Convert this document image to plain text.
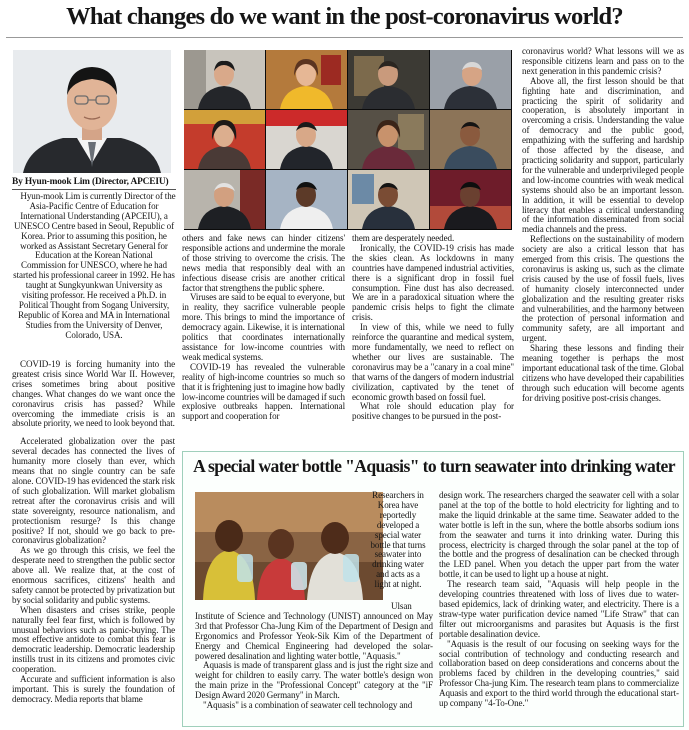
What changes do we want in the post-coronavirus world?
By Hyun-mook Lim (Director, APCEIU)
Hyun-mook Lim is currently Director of the Asia-Pacific Centre of Education for International Understanding (APCEIU), a UNESCO Centre based in Seoul, Republic of Korea. Prior to assuming this position, he worked as Assistant Secretary General for Education at the Korean National Commission for UNESCO, where he had started his professional career in 1992. He has taught at Sungkyunkwan University as visiting professor. He received a Ph.D. in Political Thought from Sogang University, Republic of Korea and MA in International Studies from the University of Denver, Colorado, USA.

COVID-19 is forcing humanity into the greatest crisis since World War II. However, crises sometimes bring about positive changes. What changes do we want once the coronavirus crisis has passed? While overcoming the immediate crisis is an absolute priority, we need to look beyond that.

Accelerated globalization over the past several decades has connected the lives of humanity more closely than ever, which means that no single country can be safe alone. COVID-19 has evidenced the stark risk of such globalization. Will market globalism retreat after the coronavirus crisis and will state sovereignty, resource nationalism, and protectionism resurge? Is this change positive? If not, should we go back to pre-coronavirus globalization?

As we go through this crisis, we feel the desperate need to strengthen the public sector above all. We realize that, at the cost of enormous sacrifices, citizens' health and safety cannot be protected by privatization but by social solidarity and public systems.

When disasters and crises strike, people naturally feel fear first, which is followed by unusual behaviors such as panic-buying. The most effective antidote to combat this fear is democratic leadership. Democratic leadership instills trust in its citizens and promotes civic cooperation.

Accurate and sufficient information is also important. This is surely the foundation of democracy. Media reports that blame

others and fake news can hinder citizens' responsible actions and undermine the morale of those striving to overcome the crisis. The news media that responsibly deal with an infectious disease crisis are another critical factor that strengthens the public sphere.

Viruses are said to be equal to everyone, but in reality, they sacrifice vulnerable people more. This brings to mind the importance of democracy again. Likewise, it is international politics that coordinates internationally assistance for low-income countries with weak medical systems.

COVID-19 has revealed the vulnerable reality of high-income countries so much so that it is frightening just to imagine how badly low-income countries will be damaged if such explosive outbreaks happen. International support and cooperation for

them are desperately needed.

Ironically, the COVID-19 crisis has made the skies clean. As lockdowns in many countries have dampened industrial activities, there is a significant drop in fossil fuel consumption. Fine dust has also decreased. We are in a paradoxical situation where the pandemic crisis helps to fight the climate crisis.

In view of this, while we need to fully reinforce the quarantine and medical system, more fundamentally, we need to reflect on whether our lives are sustainable. The coronavirus may be a "canary in a coal mine" that warns of the dangers of modern industrial civilization, captivated by the tenet of economic growth based on fossil fuel.

What role should education play for positive changes to be pursued in the post-

coronavirus world? What lessons will we as responsible citizens learn and pass on to the next generation in this pandemic crisis?

Above all, the first lesson should be that fighting hate and discrimination, and practicing the spirit of solidarity and cooperation, is absolutely important in overcoming a crisis. Understanding the value of democracy and the public good, empathizing with the suffering and hardship of those affected by the disease, and practicing solidarity and support, particularly for the vulnerable and underprivileged people and low-income countries with weak medical systems should also be an important lesson. In addition, it will be essential to develop literacy that enables a critical understanding of the information disseminated from social media channels and the press.

Reflections on the sustainability of modern society are also a critical lesson that has emerged from this crisis. The questions the coronavirus is asking us, such as the climate crisis caused by the use of fossil fuels, lives of humanity closely interconnected under globalization and the resulting greater risks and vulnerabilities, and the harmony between the protection of personal information and community safety, are all important and urgent.

Sharing these lessons and finding their meaning together is perhaps the most important educational task of the time. Global citizens who have developed their capabilities through such education will become agents for driving positive post-crisis changes.

A special water bottle "Aquasis" to turn seawater into drinking water

Researchers in Korea have reportedly developed a special water bottle that turns seawater into drinking water and acts as a light at night.

Ulsan Institute of Science and Technology (UNIST) announced on May 3rd that Professor Cha-Jung Kim of the Department of Design and Ergonomics and Professor Yeok-Sik Kim of the Department of Energy and Chemical Engineering had developed the solar-powered desalination and lighting water bottle, "Aquasis."

Aquasis is made of transparent glass and is just the right size and weight for children to easily carry. The water bottle's design won the main prize in the "Professional Concept" category at the "iF Design Award 2020 Germany" in March.

"Aquasis" is a combination of seawater cell technology and

design work. The researchers charged the seawater cell with a solar panel at the top of the bottle to hold electricity for lighting and to make the liquid drinkable at the same time. Seawater added to the water bottle is left in the sun, where the bottle absorbs sodium ions from the seawater and turns it into drinking water. During this process, electricity is charged through the solar panel at the top of the bottle and the progress of desalination can be checked through the LED panel. When you detach the upper part from the water bottle, it can be used to light up a house at night.

The research team said, "Aquasis will help people in the developing countries threatened with loss of lives due to water-based epidemics, lack of drinking water, and electricity. There is a straw-type water purification device named "Life Straw" that can filter out microorganisms and parasites but Aquasis is the first portable desalination device.

"Aquasis is the result of our focusing on seeking ways for the social contribution of technology and conducting research and collaboration based on deep considerations and concerns about the problems faced by children in the developing countries," said Professor Cha-jung Kim. The research team plans to commercialize Aquasis and export to the third world through the educational start-up company "4-To-One."
